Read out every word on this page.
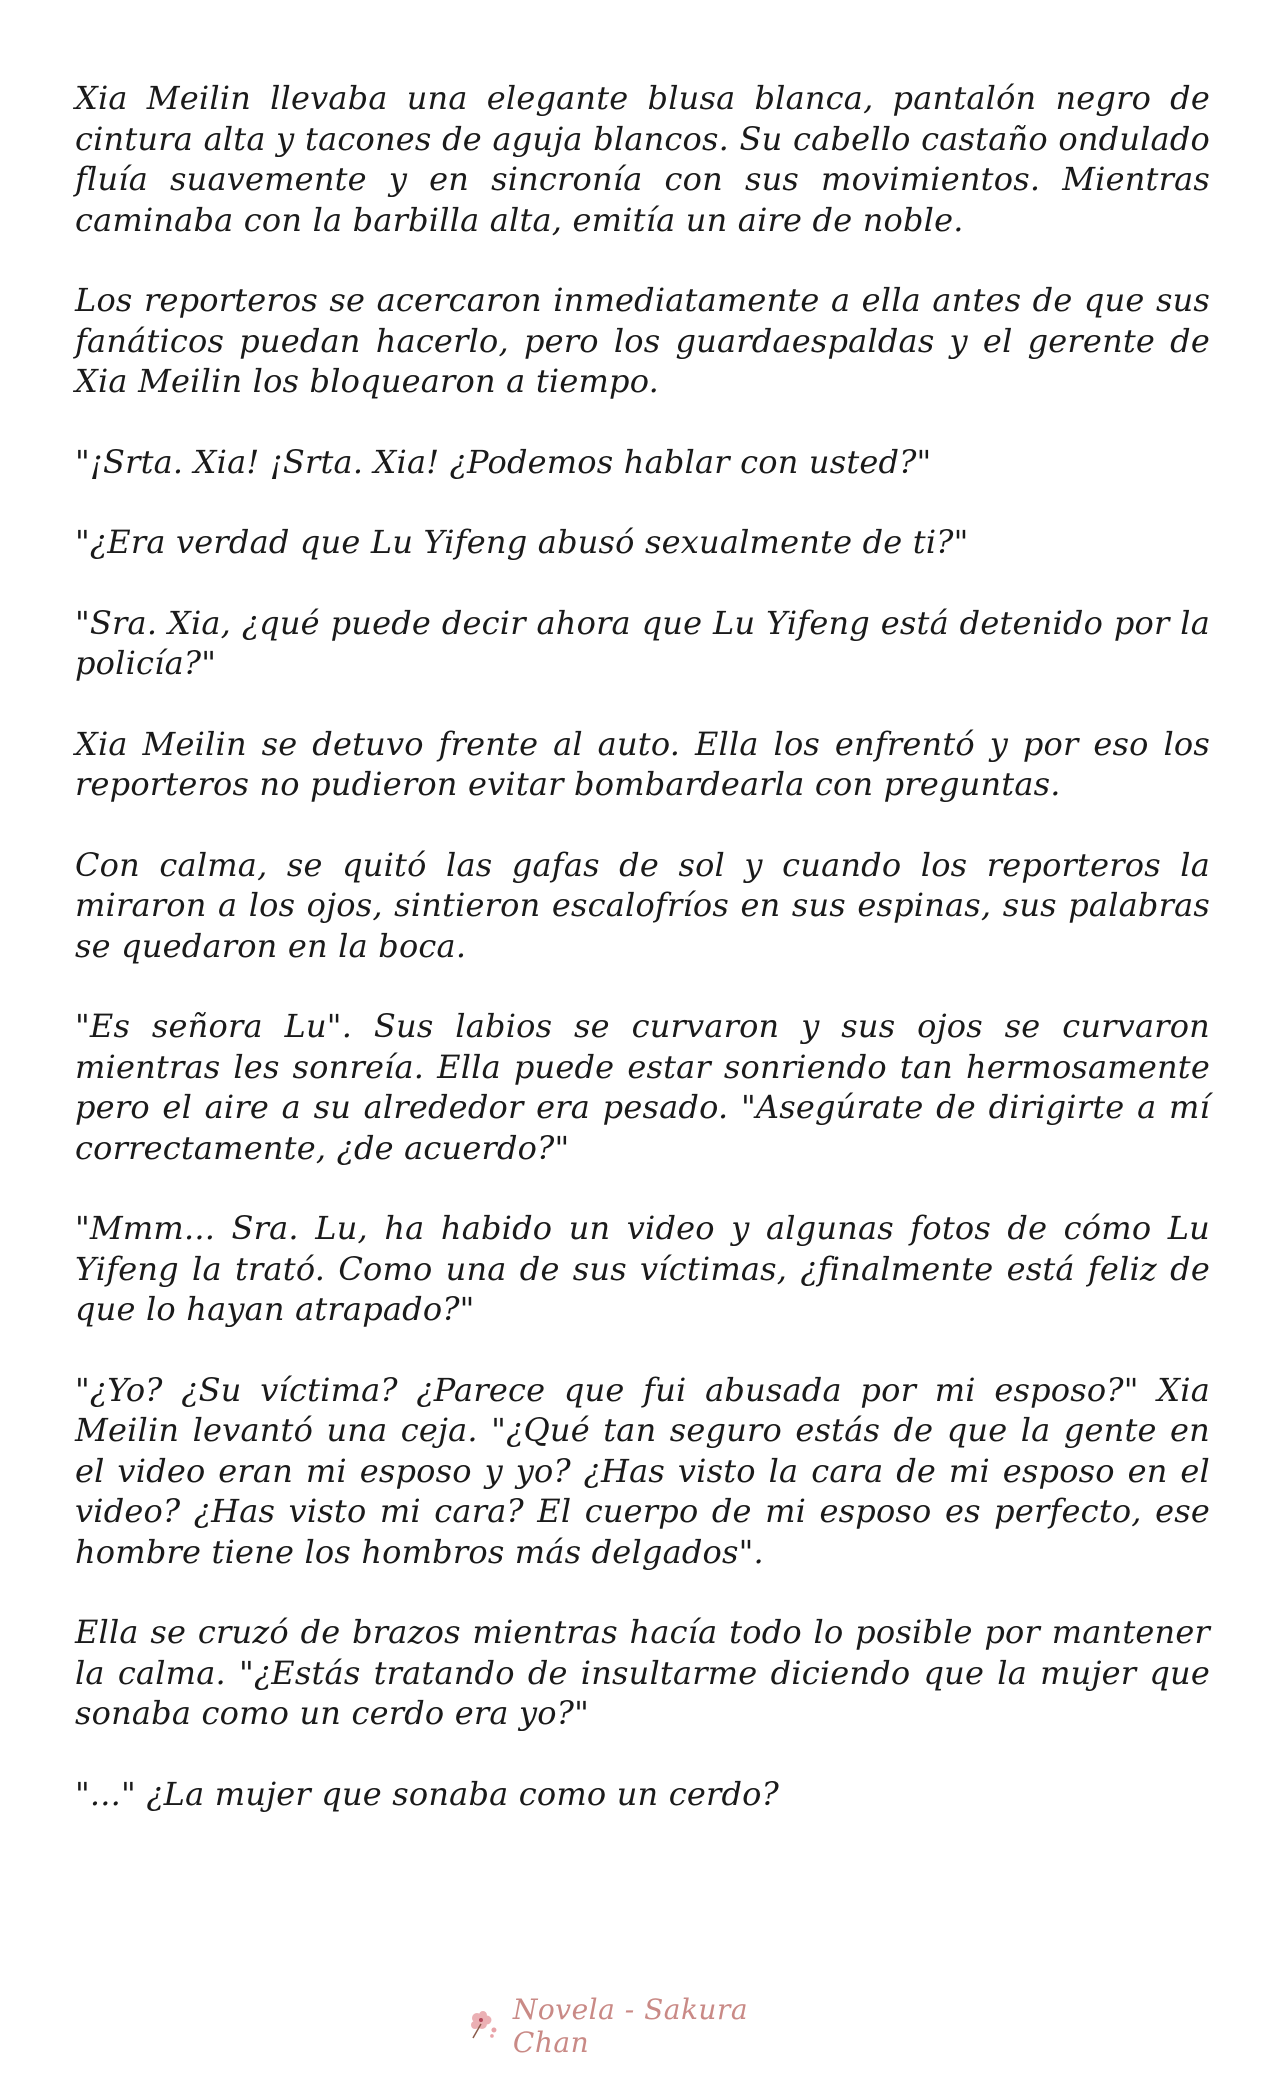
Xia Meilin llevaba una elegante blusa blanca, pantalón negro de cintura alta y tacones de aguja blancos. Su cabello castaño ondulado fluía suavemente y en sincronía con sus movimientos. Mientras caminaba con la barbilla alta, emitía un aire de noble.

Los reporteros se acercaron inmediatamente a ella antes de que sus fanáticos puedan hacerlo, pero los guardaespaldas y el gerente de Xia Meilin los bloquearon a tiempo.

"¡Srta. Xia! ¡Srta. Xia! ¿Podemos hablar con usted?"

"¿Era verdad que Lu Yifeng abusó sexualmente de ti?"

"Sra. Xia, ¿qué puede decir ahora que Lu Yifeng está detenido por la policía?"

Xia Meilin se detuvo frente al auto. Ella los enfrentó y por eso los reporteros no pudieron evitar bombardearla con preguntas.

Con calma, se quitó las gafas de sol y cuando los reporteros la miraron a los ojos, sintieron escalofríos en sus espinas, sus palabras se quedaron en la boca.

"Es señora Lu". Sus labios se curvaron y sus ojos se curvaron mientras les sonreía. Ella puede estar sonriendo tan hermosamente pero el aire a su alrededor era pesado. "Asegúrate de dirigirte a mí correctamente, ¿de acuerdo?"

"Mmm... Sra. Lu, ha habido un video y algunas fotos de cómo Lu Yifeng la trató. Como una de sus víctimas, ¿finalmente está feliz de que lo hayan atrapado?"

"¿Yo? ¿Su víctima? ¿Parece que fui abusada por mi esposo?" Xia Meilin levantó una ceja. "¿Qué tan seguro estás de que la gente en el video eran mi esposo y yo? ¿Has visto la cara de mi esposo en el video? ¿Has visto mi cara? El cuerpo de mi esposo es perfecto, ese hombre tiene los hombros más delgados".

Ella se cruzó de brazos mientras hacía todo lo posible por mantener la calma. "¿Estás tratando de insultarme diciendo que la mujer que sonaba como un cerdo era yo?"

"..." ¿La mujer que sonaba como un cerdo?

Novela - Sakura Chan
